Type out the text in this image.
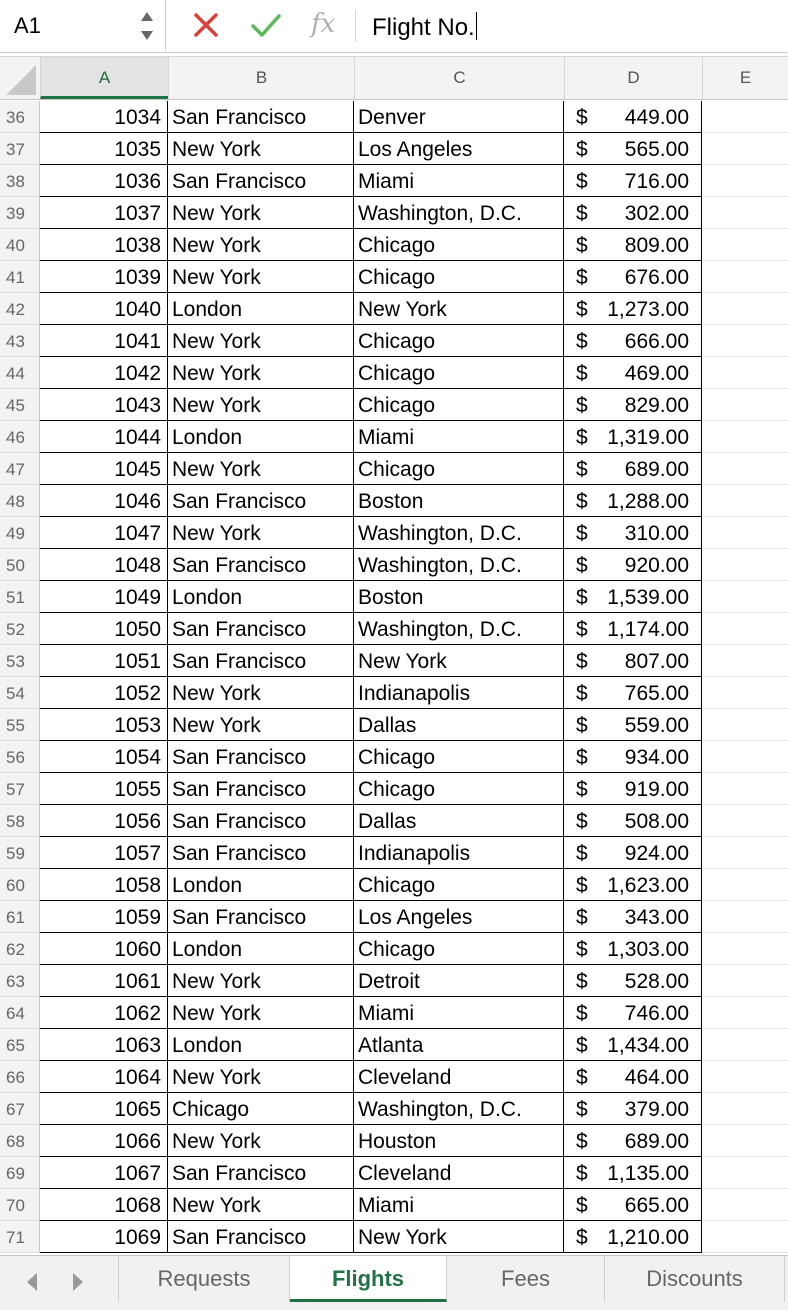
A1	fx Flight No.
A	B	C	D	E
36	1034 San Francisco	Denver	$ 449.00
37	1035 New York	Los Angeles	$ 565.00
38	1036 San Francisco	Miami	$ 716.00
39	1037 New York	Washington, D.C.	$ 302.00
40	1038 New York	Chicago	$ 809.00
41	1039 New York	Chicago	$ 676.00
42	1040 London	New York	$ 1,273.00
43	1041 New York	Chicago	$ 666.00
44	1042 New York	Chicago	$ 469.00
45	1043 New York	Chicago	$ 829.00
46	1044 London	Miami	$ 1,319.00
47	1045 New York	Chicago	$ 689.00
48	1046 San Francisco	Boston	$ 1,288.00
49	1047 New York	Washington, D.C.	$ 310.00
50	1048 San Francisco	Washington, D.C.	$ 920.00
51	1049 London	Boston	$ 1,539.00
52	1050 San Francisco	Washington, D.C.	$ 1,174.00
53	1051 San Francisco	New York	$ 807.00
54	1052 New York	Indianapolis	$ 765.00
55	1053 New York	Dallas	$ 559.00
56	1054 San Francisco	Chicago	$ 934.00
57	1055 San Francisco	Chicago	$ 919.00
58	1056 San Francisco	Dallas	$ 508.00
59	1057 San Francisco	Indianapolis	$ 924.00
60	1058 London	Chicago	$ 1,623.00
61	1059 San Francisco	Los Angeles	$ 343.00
62	1060 London	Chicago	$ 1,303.00
63	1061 New York	Detroit	$ 528.00
64	1062 New York	Miami	$ 746.00
65	1063 London	Atlanta	$ 1,434.00
66	1064 New York	Cleveland	$ 464.00
67	1065 Chicago	Washington, D.C.	$ 379.00
68	1066 New York	Houston	$ 689.00
69	1067 San Francisco	Cleveland	$ 1,135.00
70	1068 New York	Miami	$ 665.00
71	1069 San Francisco	New York	$ 1,210.00
Requests	Flights	Fees	Discounts
